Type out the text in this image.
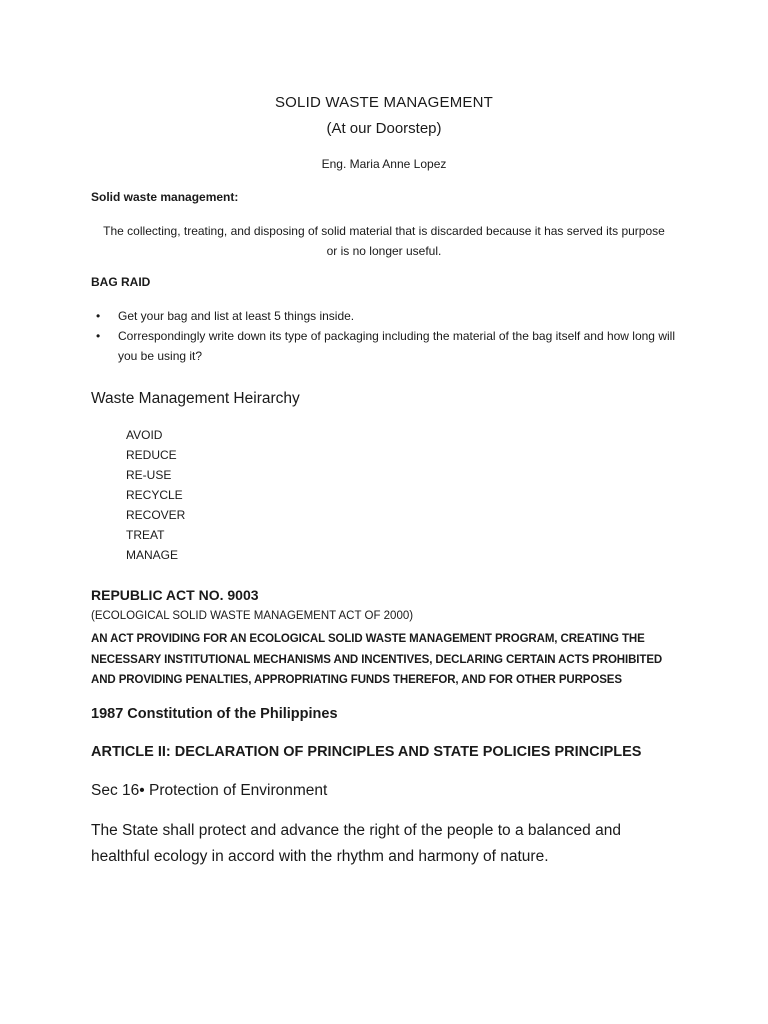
SOLID WASTE MANAGEMENT
(At our Doorstep)
Eng. Maria Anne Lopez
Solid waste management:
The collecting, treating, and disposing of solid material that is discarded because it has served its purpose or is no longer useful.
BAG RAID
•	Get your bag and list at least 5 things inside.
•	Correspondingly write down its type of packaging including the material of the bag itself and how long will you be using it?
Waste Management Heirarchy
AVOID
REDUCE
RE-USE
RECYCLE
RECOVER
TREAT
MANAGE
REPUBLIC ACT NO. 9003
(ECOLOGICAL SOLID WASTE MANAGEMENT ACT OF 2000)
AN ACT PROVIDING FOR AN ECOLOGICAL SOLID WASTE MANAGEMENT PROGRAM, CREATING THE
NECESSARY INSTITUTIONAL MECHANISMS AND INCENTIVES, DECLARING CERTAIN ACTS PROHIBITED
AND PROVIDING PENALTIES, APPROPRIATING FUNDS THEREFOR, AND FOR OTHER PURPOSES
1987 Constitution of the Philippines
ARTICLE II: DECLARATION OF PRINCIPLES AND STATE POLICIES PRINCIPLES
Sec 16• Protection of Environment
The State shall protect and advance the right of the people to a balanced and
healthful ecology in accord with the rhythm and harmony of nature.
